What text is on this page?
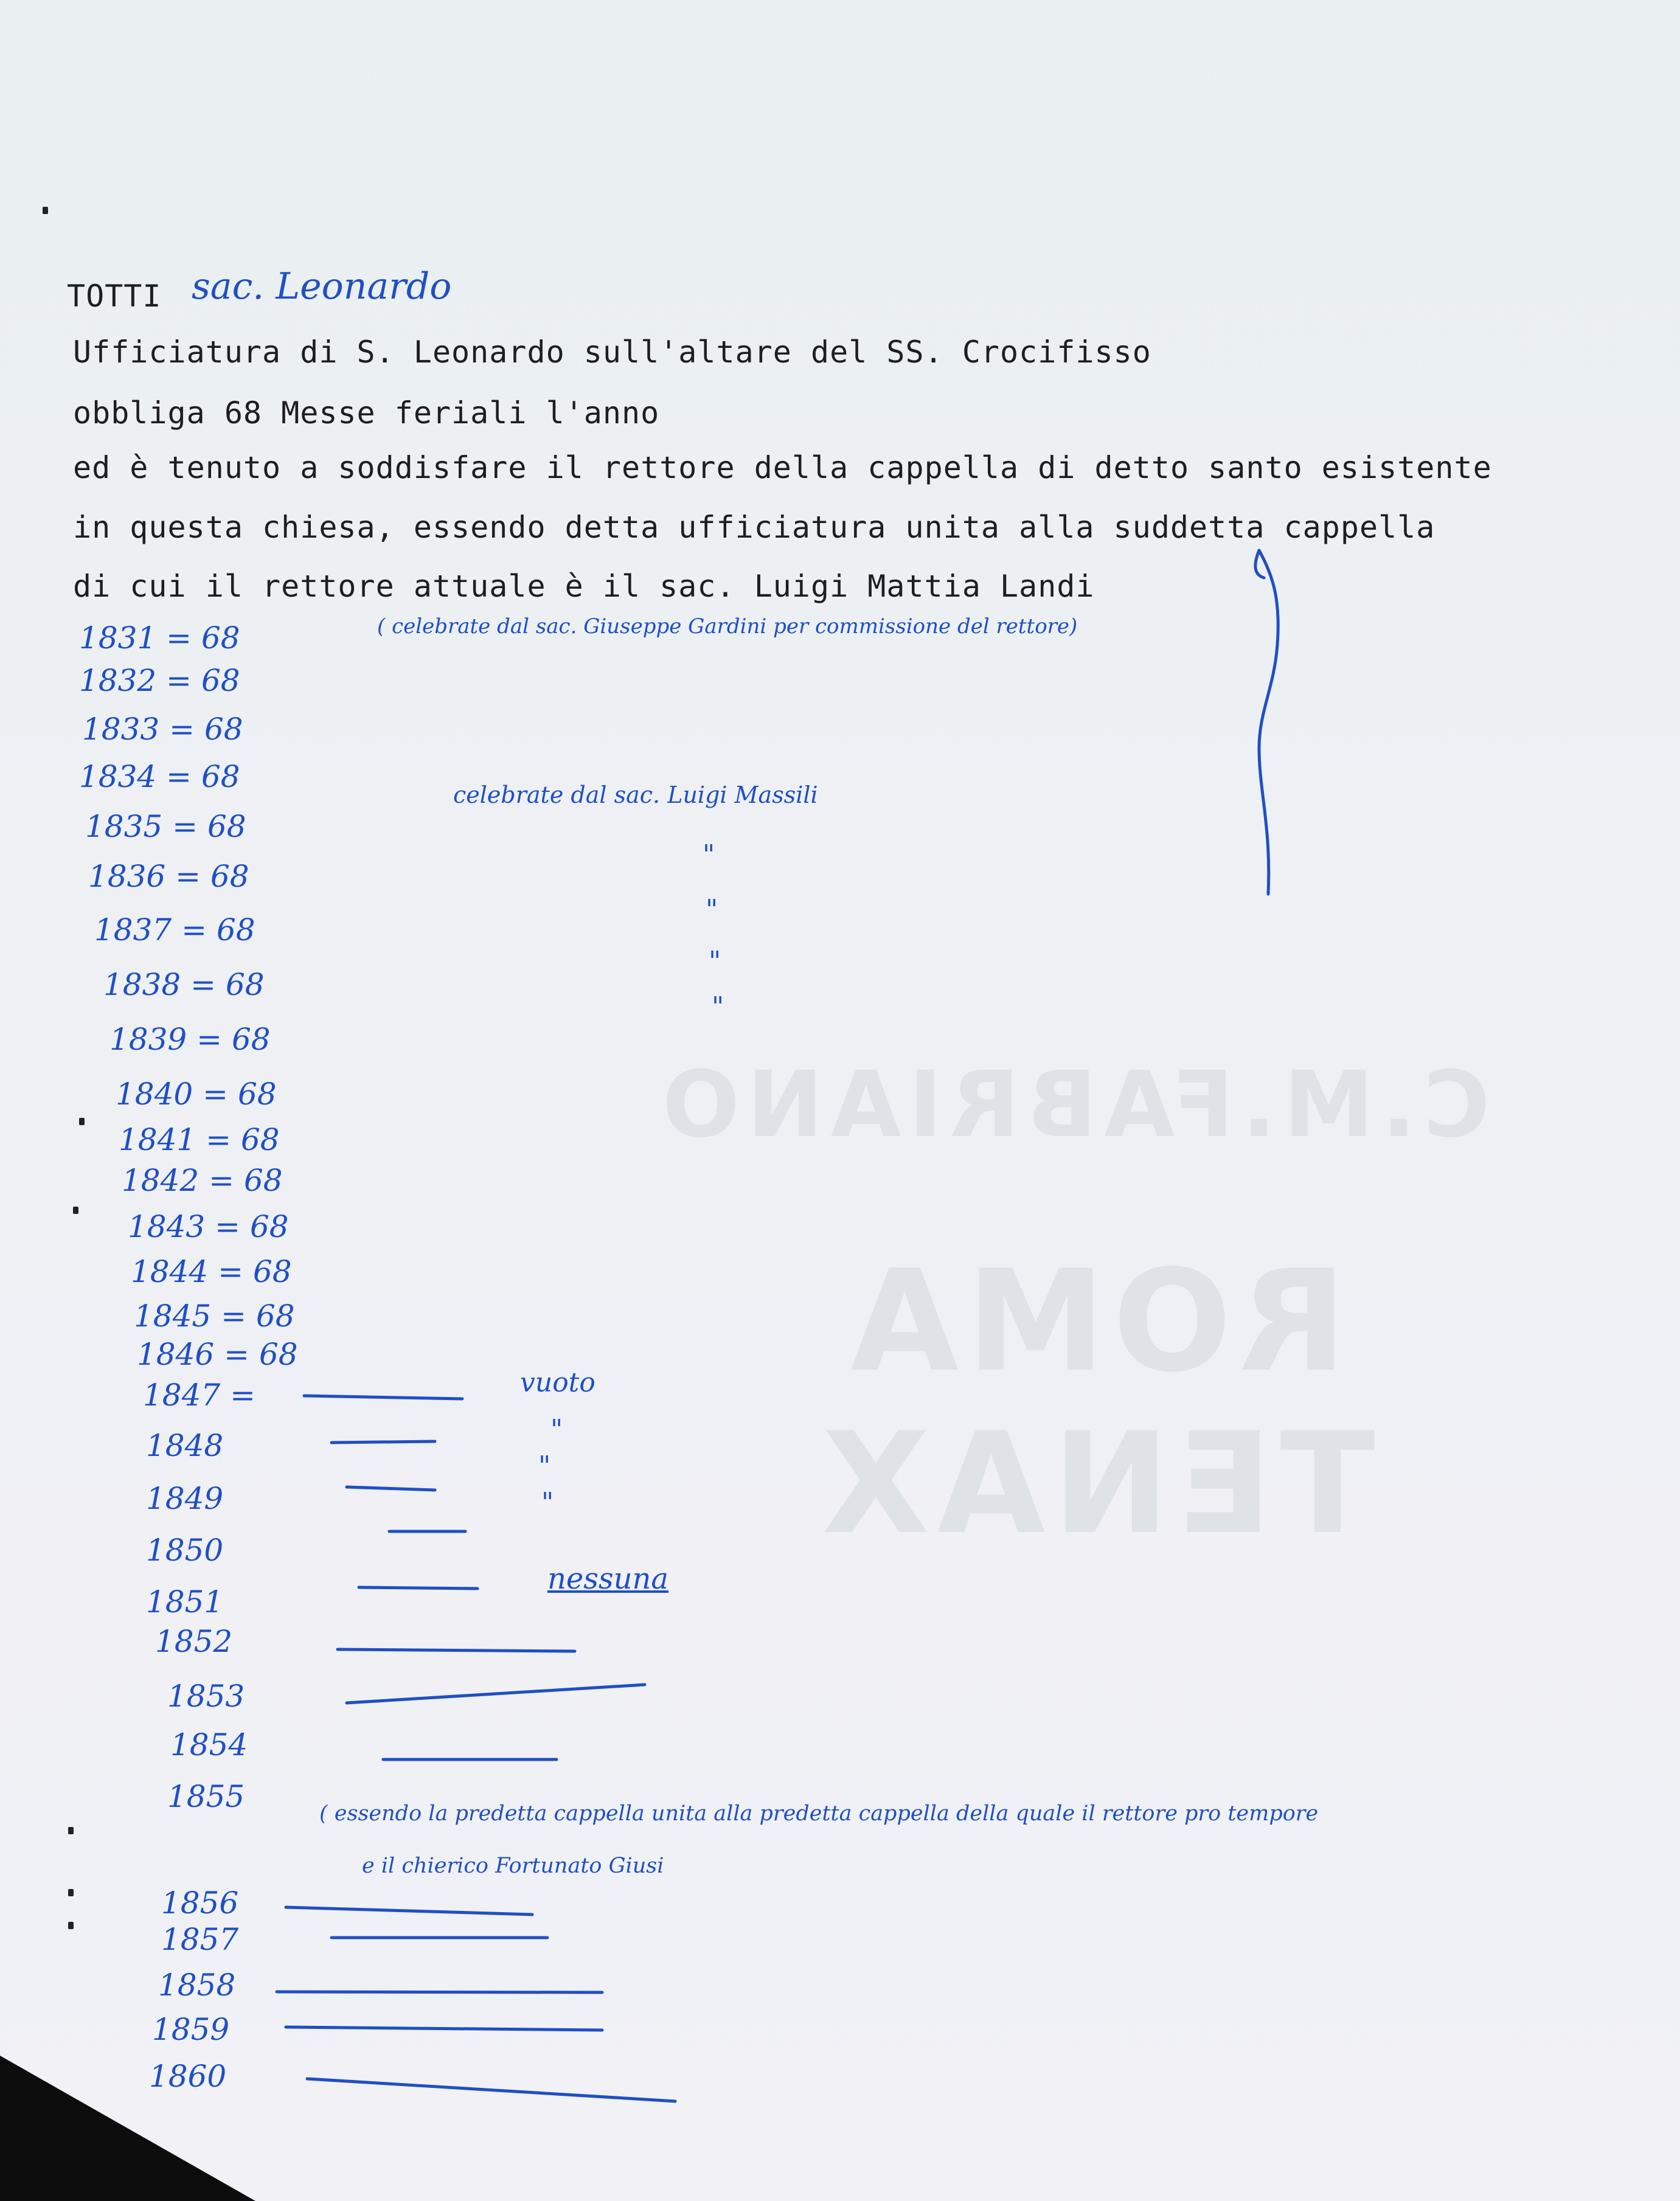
C.M.FABRIANO
ROMA TENAX
TOTTI sac. Leonardo
Ufficiatura di S. Leonardo sull'altare del SS. Crocifisso
obbliga 68 Messe feriali l'anno
ed è tenuto a soddisfare il rettore della cappella di detto santo esistente
in questa chiesa, essendo detta ufficiatura unita alla suddetta cappella
di cui il rettore attuale è il sac. Luigi Mattia Landi
( celebrate dal sac. Giuseppe Gardini per commissione del rettore)
celebrate dal sac. Luigi Massili
"
"
"
"
vuoto
"
"
"
nessuna
( essendo la predetta cappella unita alla predetta cappella della quale il rettore pro tempore
e il chierico Fortunato Giusi
1831 = 68
1832 = 68
1833 = 68
1834 = 68
1835 = 68
1836 = 68
1837 = 68
1838 = 68
1839 = 68
1840 = 68
1841 = 68
1842 = 68
1843 = 68
1844 = 68
1845 = 68
1846 = 68
1847 =
1848
1849
1850
1851
1852
1853
1854
1855
1856
1857
1858
1859
1860
